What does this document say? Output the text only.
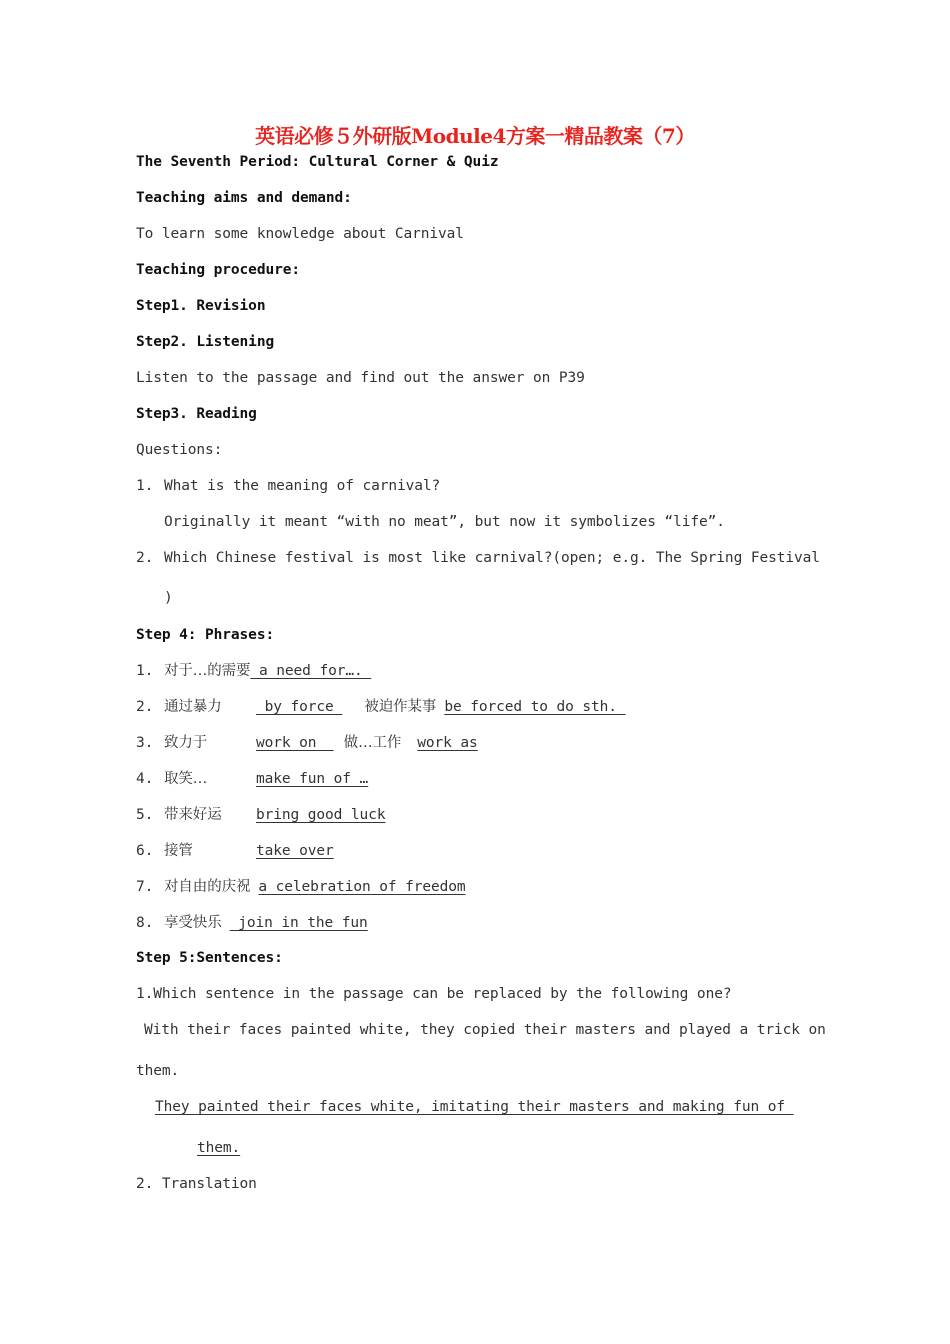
英语必修５外研版Module4方案一精品教案（7）
The Seventh Period: Cultural Corner & Quiz
Teaching aims and demand:
To learn some knowledge about Carnival
Teaching procedure:
Step1. Revision
Step2. Listening
Listen to the passage and find out the answer on P39
Step3. Reading
Questions:
1. What is the meaning of carnival?
Originally it meant “with no meat”, but now it symbolizes “life”.
2. Which Chinese festival is most like carnival?(open; e.g. The Spring Festival
)
Step 4: Phrases:
1. 对于…的需要 a need for….
2. 通过暴力 by force 被迫作某事 be forced to do sth.
3. 致力于	work on  做…工作 work as
4. 取笑…	make fun of …
5. 带来好运 bring good luck
6. 接管	take over
7. 对自由的庆祝 a celebration of freedom
8. 享受快乐 join in the fun
Step 5:Sentences:
1.Which sentence in the passage can be replaced by the following one?
With their faces painted white, they copied their masters and played a trick on
them.
They painted their faces white, imitating their masters and making fun of
them.
2. Translation
